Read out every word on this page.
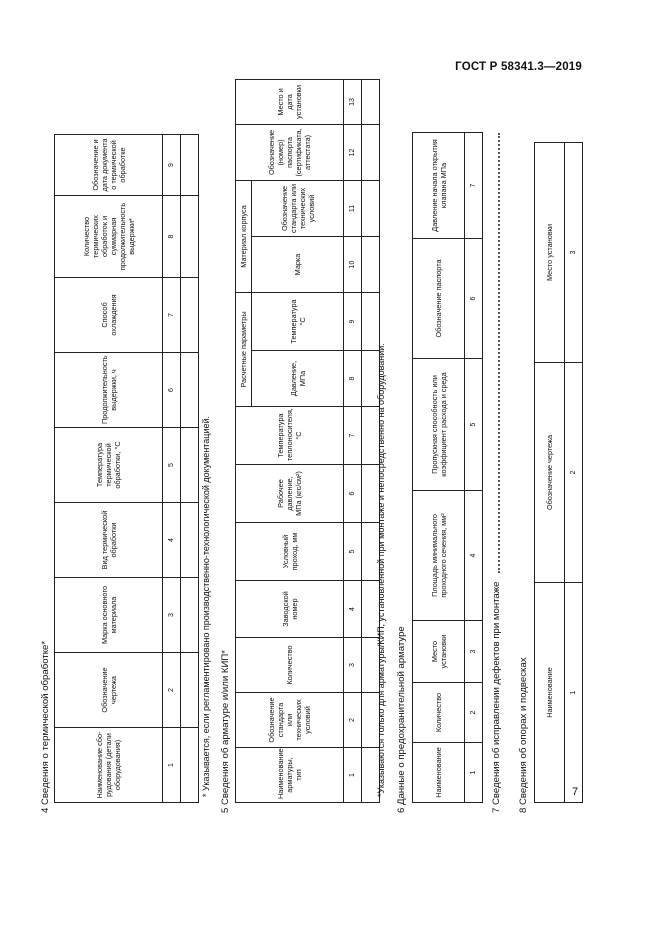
ГОСТ Р 58341.3—2019
4 Сведения о термической обработке*	Наименование сбо-рудования (детали оборудования)	Обозначение чертежа	Марка основного материала	Вид термической обработки	Температура термической обработки, °С	Продолжительность выдержки, ч	Способ охлаждения	Количество термических обработок и суммарная продолжительность выдержки*	Обозначение и дата документа о термической обработке
1	2	3	4	5	6	7	8	9

* Указывается, если регламентировано производственно-технологической документацией. 5 Сведения об арматуре и/или КИП*	Наименование арматуры, тип	Обозначение стандарта или технических условий	Количество	Заводской номер	Условный проход, мм	Рабочее давление, МПа (кгс/см²)	Температура теплоносителя, °С	Расчетные параметры		Материал корпуса		Обозначение (номер) паспорта (сертификата, аттестата)	Место и дата установки
							Давление, МПа	Температура °С	Марка	Обозначение стандарта или технических условий		
1	2	3	4	5	6	7	8	9	10	11	12	13

*Указываются только для арматуры/КИП, установленной при монтаже и непосредственно на оборудовании. 6 Данные о предохранительной арматуре	Наименование	Количество	Место установки	Площадь минимального проходного сечения, мм²	Пропускная способность или коэффициент расхода и среда	Обозначение паспорта	Давление начала открытия клапана МПа
1	2	3	4	5	6	7
7 Сведения об исправлении дефектов при монтаже 8 Сведения об опорах и подвесках Наименование	Обозначение чертежа	Место установки
1	2	3
7
